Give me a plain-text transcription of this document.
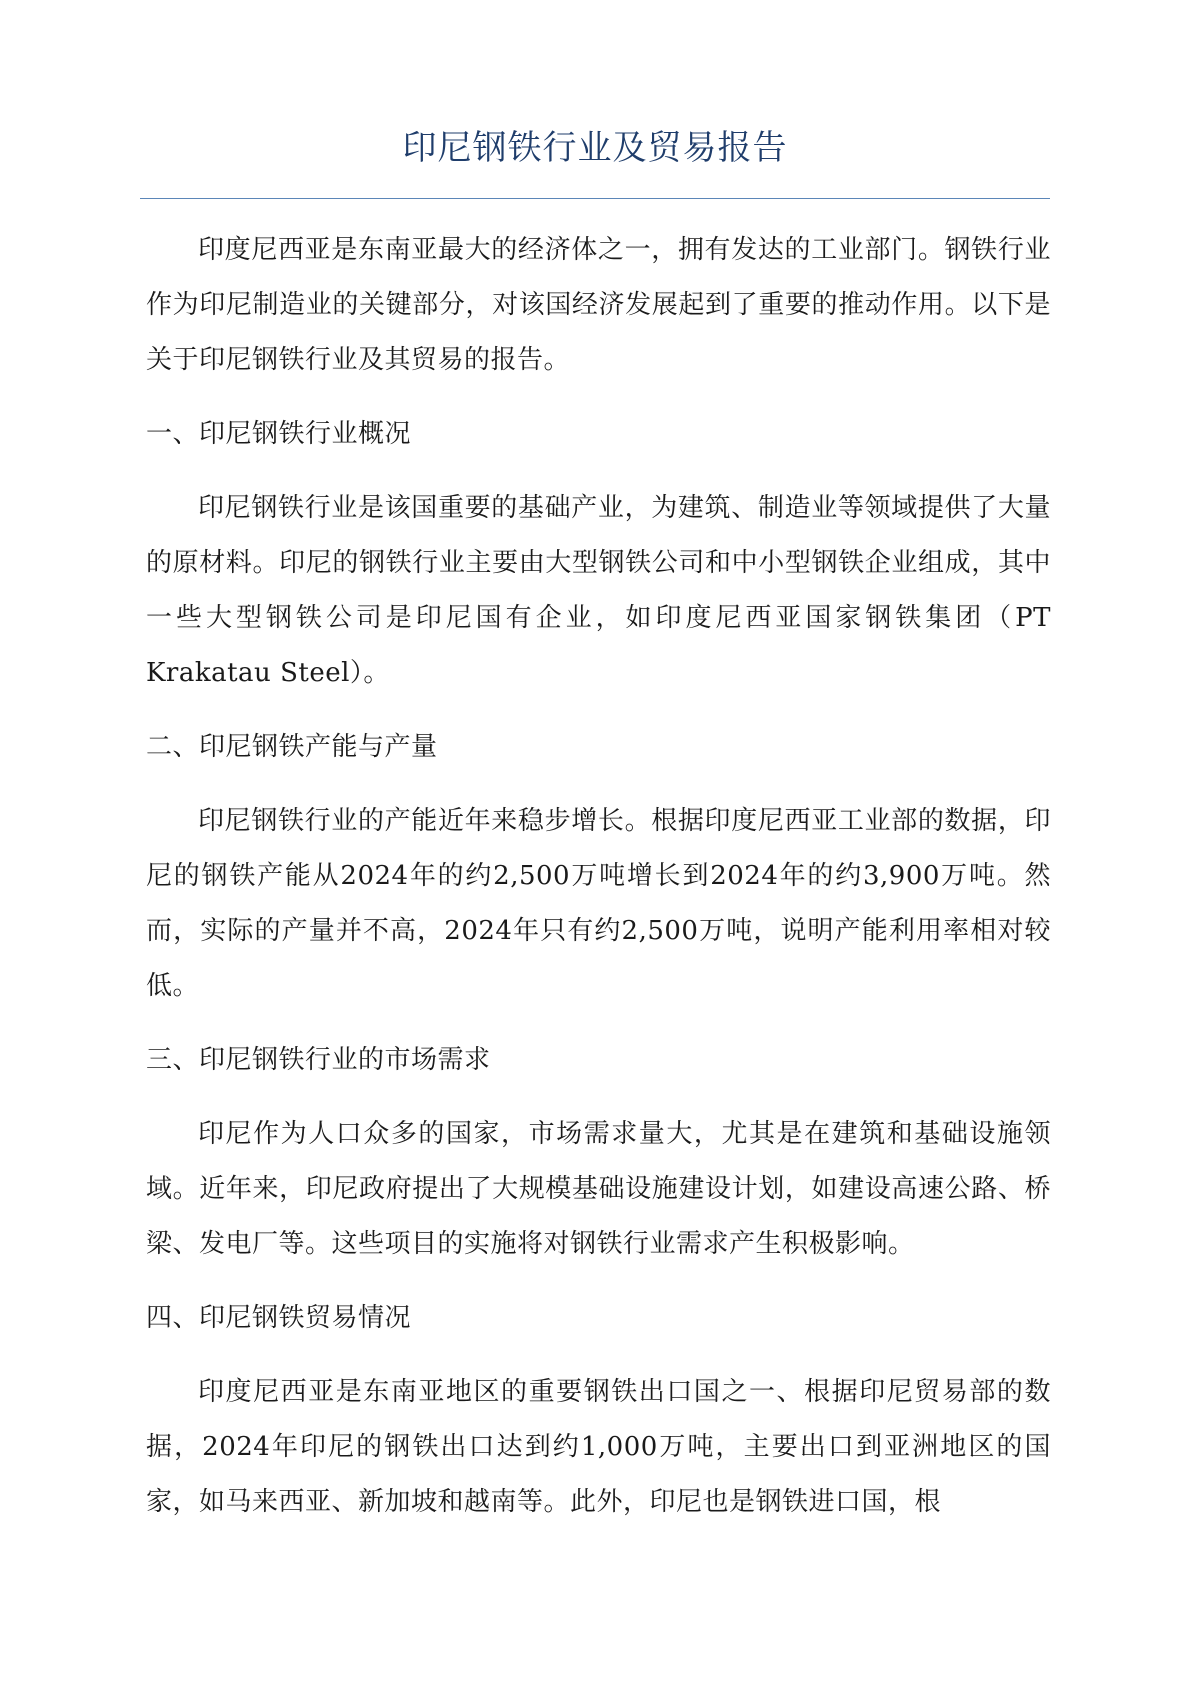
印尼钢铁行业及贸易报告

印度尼西亚是东南亚最大的经济体之一，拥有发达的工业部门。钢铁行业作为印尼制造业的关键部分，对该国经济发展起到了重要的推动作用。以下是关于印尼钢铁行业及其贸易的报告。

一、印尼钢铁行业概况

印尼钢铁行业是该国重要的基础产业，为建筑、制造业等领域提供了大量的原材料。印尼的钢铁行业主要由大型钢铁公司和中小型钢铁企业组成，其中一些大型钢铁公司是印尼国有企业，如印度尼西亚国家钢铁集团（PT Krakatau Steel）。

二、印尼钢铁产能与产量

印尼钢铁行业的产能近年来稳步增长。根据印度尼西亚工业部的数据，印尼的钢铁产能从2024年的约2,500万吨增长到2024年的约3,900万吨。然而，实际的产量并不高，2024年只有约2,500万吨，说明产能利用率相对较低。

三、印尼钢铁行业的市场需求

印尼作为人口众多的国家，市场需求量大，尤其是在建筑和基础设施领域。近年来，印尼政府提出了大规模基础设施建设计划，如建设高速公路、桥梁、发电厂等。这些项目的实施将对钢铁行业需求产生积极影响。

四、印尼钢铁贸易情况

印度尼西亚是东南亚地区的重要钢铁出口国之一、根据印尼贸易部的数据，2024年印尼的钢铁出口达到约1,000万吨，主要出口到亚洲地区的国家，如马来西亚、新加坡和越南等。此外，印尼也是钢铁进口国，根
